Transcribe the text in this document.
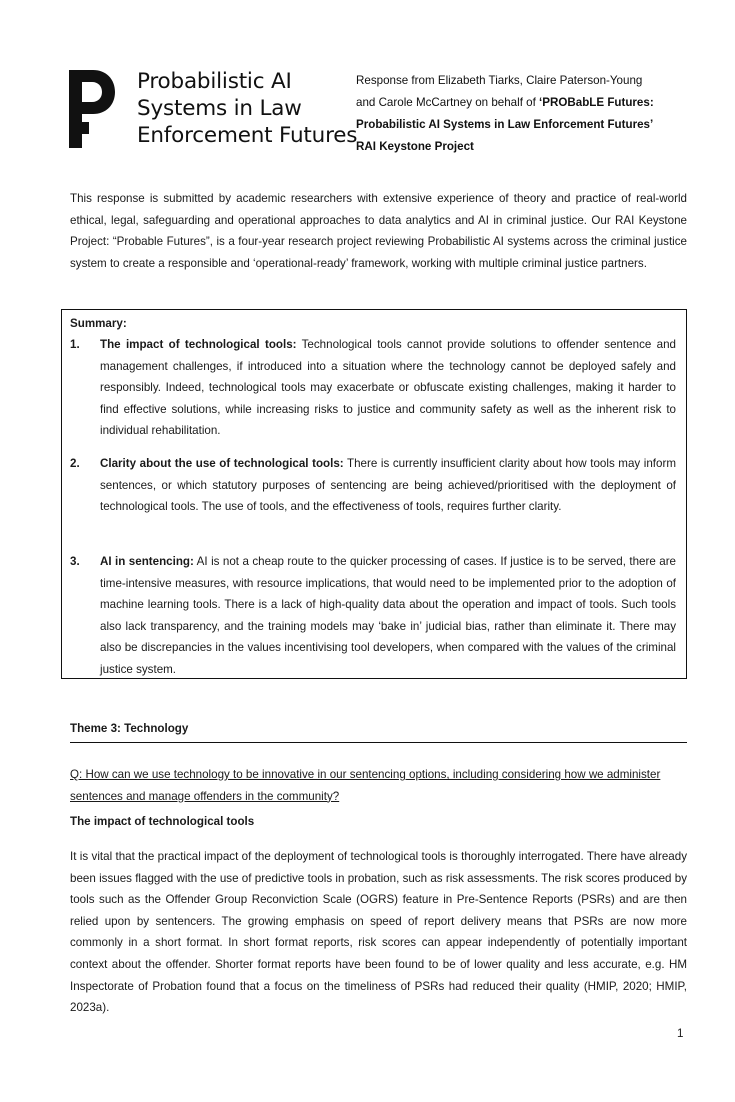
Probabilistic AI
Systems in Law
Enforcement Futures
Response from Elizabeth Tiarks, Claire Paterson-Young
and Carole McCartney on behalf of ‘PROBabLE Futures:
Probabilistic AI Systems in Law Enforcement Futures’
RAI Keystone Project

This response is submitted by academic researchers with extensive experience of theory and practice of real-world ethical, legal, safeguarding and operational approaches to data analytics and AI in criminal justice. Our RAI Keystone Project: “Probable Futures”, is a four-year research project reviewing Probabilistic AI systems across the criminal justice system to create a responsible and ‘operational-ready’ framework, working with multiple criminal justice partners.

Summary:
1. The impact of technological tools: Technological tools cannot provide solutions to offender sentence and management challenges, if introduced into a situation where the technology cannot be deployed safely and responsibly. Indeed, technological tools may exacerbate or obfuscate existing challenges, making it harder to find effective solutions, while increasing risks to justice and community safety as well as the inherent risk to individual rehabilitation.
2. Clarity about the use of technological tools: There is currently insufficient clarity about how tools may inform sentences, or which statutory purposes of sentencing are being achieved/prioritised with the deployment of technological tools. The use of tools, and the effectiveness of tools, requires further clarity.
3. AI in sentencing: AI is not a cheap route to the quicker processing of cases. If justice is to be served, there are time-intensive measures, with resource implications, that would need to be implemented prior to the adoption of machine learning tools. There is a lack of high-quality data about the operation and impact of tools. Such tools also lack transparency, and the training models may ‘bake in’ judicial bias, rather than eliminate it. There may also be discrepancies in the values incentivising tool developers, when compared with the values of the criminal justice system.
Theme 3: Technology

Q: How can we use technology to be innovative in our sentencing options, including considering how we administer sentences and manage offenders in the community?

The impact of technological tools

It is vital that the practical impact of the deployment of technological tools is thoroughly interrogated. There have already been issues flagged with the use of predictive tools in probation, such as risk assessments. The risk scores produced by tools such as the Offender Group Reconviction Scale (OGRS) feature in Pre-Sentence Reports (PSRs) and are then relied upon by sentencers. The growing emphasis on speed of report delivery means that PSRs are now more commonly in a short format. In short format reports, risk scores can appear independently of potentially important context about the offender. Shorter format reports have been found to be of lower quality and less accurate, e.g. HM Inspectorate of Probation found that a focus on the timeliness of PSRs had reduced their quality (HMIP, 2020; HMIP, 2023a).

1
